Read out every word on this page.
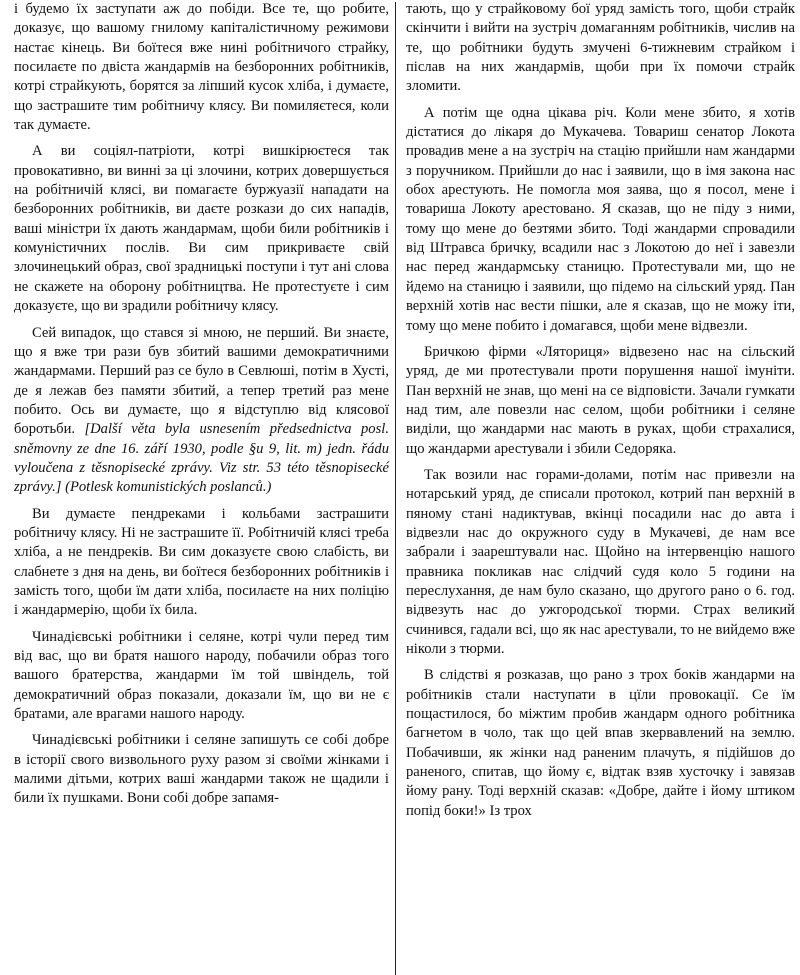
і будемо їх заступати аж до побіди. Все те, що робите, доказує, що вашому гнилому капіталістичному режимови настає кінець. Ви боїтеся вже нині робітничого страйку, посилаєте по двіста жандармів на безборонних робітників, котрі страйкують, борятся за ліпший кусок хліба, і думаєте, що застрашите тим робітничу клясу. Ви помиляєтеся, коли так думаєте.

А ви соціял-патріоти, котрі вишкірюєтеся так провокативно, ви винні за ці злочини, котрих довершується на робітничій клясі, ви помагаєте буржуазії нападати на безборонних робітників, ви даєте розкази до сих нападів, ваші міністри їх дають жандармам, щоби били робітників і комуністичних послів. Ви сим прикриваєте свій злочинецький образ, свої зрадницькі поступи і тут ані слова не скажете на оборону робітництва. Не протестуєте і сим доказуєте, що ви зрадили робітничу клясу.

Сей випадок, що стався зі мною, не перший. Ви знаєте, що я вже три рази був збитий вашими демократичними жандармами. Перший раз се було в Севлюші, потім в Хусті, де я лежав без памяти збитий, а тепер третий раз мене побито. Ось ви думаєте, що я відступлю від клясової боротьби. [Další věta byla usnesením předsednictva posl. sněmovny ze dne 16. září 1930, podle §u 9, lit. m) jedn. řádu vyloučena z těsnopisecké zprávy. Viz str. 53 této těsnopisecké zprávy.] (Potlesk komunistických poslanců.)

Ви думаєте пендреками і кольбами застрашити робітничу клясу. Ні не застрашите її. Робітничій клясі треба хліба, а не пендреків. Ви сим доказуєте свою слабість, ви слабнете з дня на день, ви боїтеся безборонних робітників і замість того, щоби їм дати хліба, посилаєте на них поліцію і жандармерію, щоби їх била.

Чинадієвські робітники і селяне, котрі чули перед тим від вас, що ви братя нашого народу, побачили образ того вашого братерства, жандарми їм той швіндель, той демократичний образ показали, доказали їм, що ви не є братами, але врагами нашого народу.

Чинадієвські робітники і селяне запишуть се собі добре в історії свого визвольного руху разом зі своїми жінками і малими дітьми, котрих ваші жандарми також не щадили і били їх пушками. Вони собі добре запамя-

тають, що у страйковому бої уряд замість того, щоби страйк скінчити і вийти на зустріч домаганням робітників, числив на те, що робітники будуть змучені 6-тижневим страйком і післав на них жандармів, щоби при їх помочи страйк зломити.

А потім ще одна цікава річ. Коли мене збито, я хотів дістатися до лікаря до Мукачева. Товариш сенатор Локота провадив мене а на зустріч на стацію прийшли нам жандарми з поручником. Прийшли до нас і заявили, що в імя закона нас обох арестують. Не помогла моя заява, що я посол, мене і товариша Локоту арестовано. Я сказав, що не піду з ними, тому що мене до безтями збито. Тоді жандарми спровадили від Штравса бричку, всадили нас з Локотою до неї і завезли нас перед жандармську станицю. Протестували ми, що не йдемо на станицю і заявили, що підемо на сільский уряд. Пан верхній хотів нас вести пішки, але я сказав, що не можу іти, тому що мене побито і домагався, щоби мене відвезли.

Бричкою фірми «Ляториця» відвезено нас на сільский уряд, де ми протестували проти порушення нашої імуніти. Пан верхній не знав, що мені на се відповісти. Зачали гумкати над тим, але повезли нас селом, щоби робітники і селяне виділи, що жандарми нас мають в руках, щоби страхалися, що жандарми арестували і збили Седоряка.

Так возили нас горами-долами, потім нас привезли на нотарський уряд, де списали протокол, котрий пан верхній в пяному стані надиктував, вкінці посадили нас до авта і відвезли нас до окружного суду в Мукачеві, де нам все забрали і заарештували нас. Щойно на інтервенцію нашого правника покликав нас слідчий судя коло 5 години на переслухання, де нам було сказано, що другого рано о 6. год. відвезуть нас до ужгородської тюрми. Страх великий счинився, гадали всі, що як нас арестували, то не вийдемо вже ніколи з тюрми.

В слідстві я розказав, що рано з трох боків жандарми на робітників стали наступати в цїли провокації. Се їм пощастилося, бо міжтим пробив жандарм одного робітника багнетом в чоло, так що цей впав зкервавлений на землю. Побачивши, як жінки над раненим плачуть, я підійшов до раненого, спитав, що йому є, відтак взяв хусточку і завязав йому рану. Тоді верхній сказав: «Добре, дайте і йому штиком попід боки!» Із трох
